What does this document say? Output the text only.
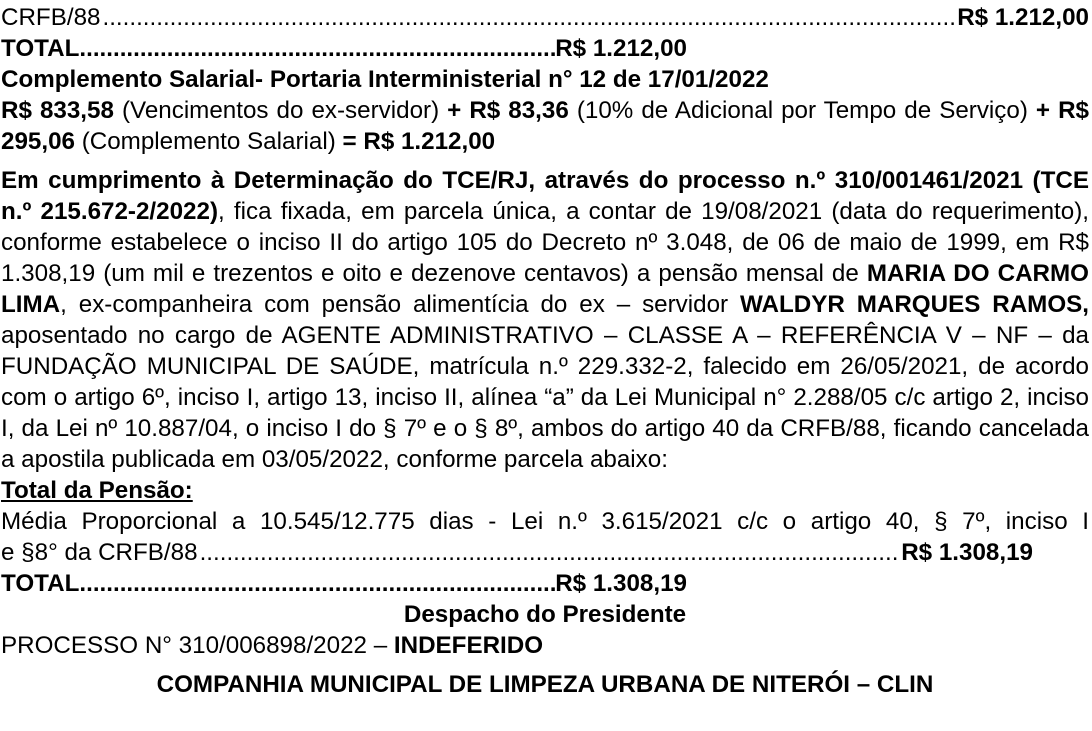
CRFB/88 .....	R$ 1.212,00
TOTAL .....	R$ 1.212,00
Complemento Salarial- Portaria Interministerial n° 12 de 17/01/2022

R$ 833,58 (Vencimentos do ex-servidor) + R$ 83,36 (10% de Adicional por Tempo de Serviço) + R$ 295,06 (Complemento Salarial) = R$ 1.212,00

Em cumprimento à Determinação do TCE/RJ, através do processo n.º 310/001461/2021 (TCE n.º 215.672-2/2022), fica fixada, em parcela única, a contar de 19/08/2021 (data do requerimento), conforme estabelece o inciso II do artigo 105 do Decreto nº 3.048, de 06 de maio de 1999, em R$ 1.308,19 (um mil e trezentos e oito e dezenove centavos) a pensão mensal de MARIA DO CARMO LIMA, ex-companheira com pensão alimentícia do ex – servidor WALDYR MARQUES RAMOS, aposentado no cargo de AGENTE ADMINISTRATIVO – CLASSE A – REFERÊNCIA V – NF – da FUNDAÇÃO MUNICIPAL DE SAÚDE, matrícula n.º 229.332-2, falecido em 26/05/2021, de acordo com o artigo 6º, inciso I, artigo 13, inciso II, alínea “a” da Lei Municipal n° 2.288/05 c/c artigo 2, inciso I, da Lei nº 10.887/04, o inciso I do § 7º e o § 8º, ambos do artigo 40 da CRFB/88, ficando cancelada a apostila publicada em 03/05/2022, conforme parcela abaixo:

Total da Pensão:
Média Proporcional a 10.545/12.775 dias - Lei n.º 3.615/2021 c/c o artigo 40, § 7º, inciso I
e §8° da CRFB/88 .....	R$ 1.308,19
TOTAL .....	R$ 1.308,19
Despacho do Presidente
PROCESSO N° 310/006898/2022 – INDEFERIDO
COMPANHIA MUNICIPAL DE LIMPEZA URBANA DE NITERÓI – CLIN
